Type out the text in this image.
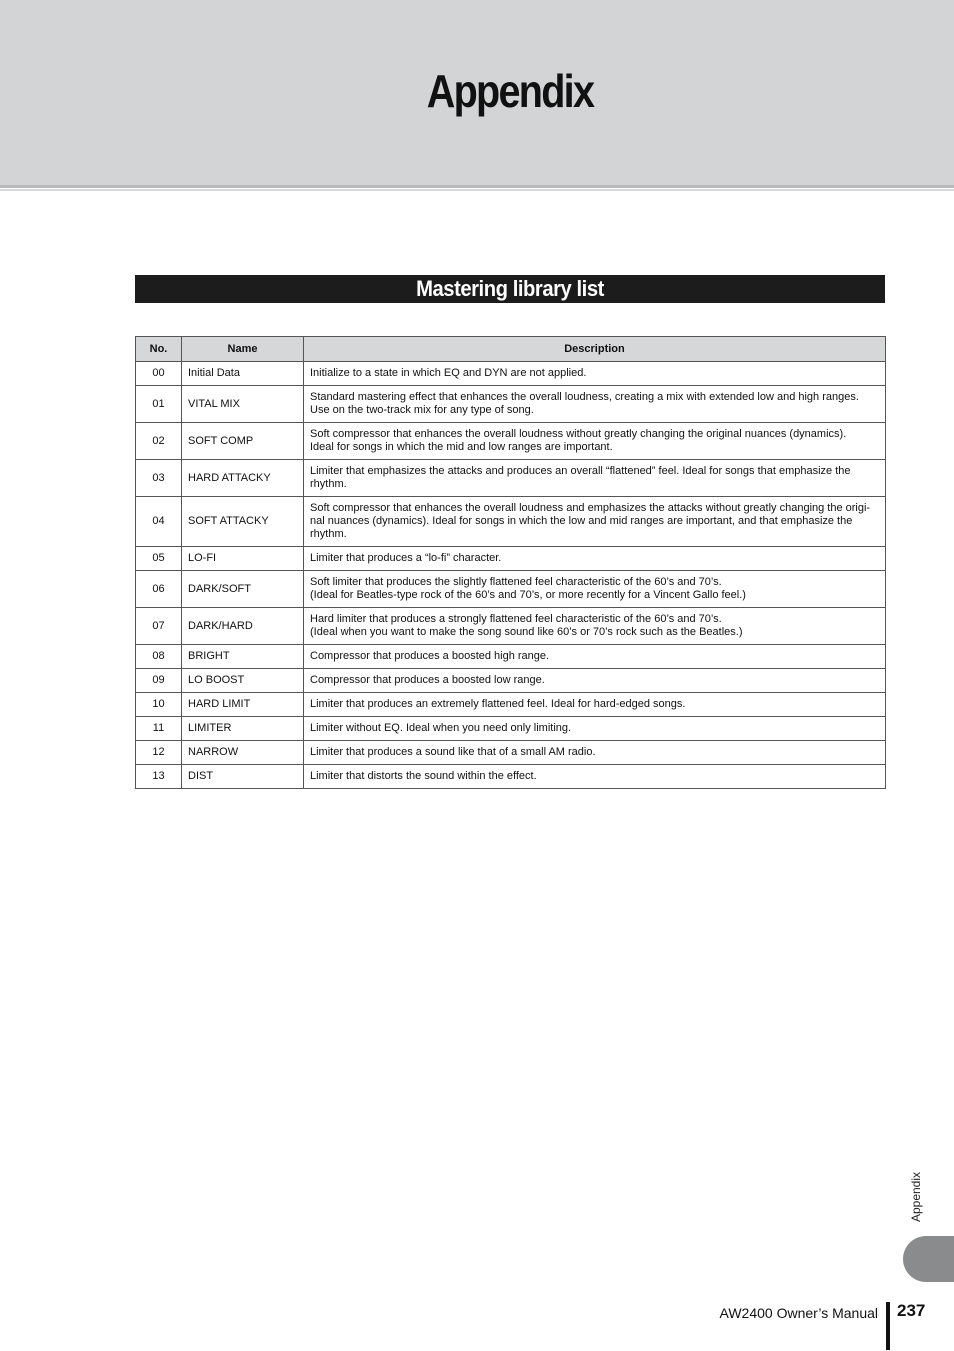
Appendix
Mastering library list
No.	Name	Description
00	Initial Data	Initialize to a state in which EQ and DYN are not applied.

01	VITAL MIX	Standard mastering effect that enhances the overall loudness, creating a mix with extended low and high ranges.
Use on the two-track mix for any type of song.

02	SOFT COMP	Soft compressor that enhances the overall loudness without greatly changing the original nuances (dynamics).
Ideal for songs in which the mid and low ranges are important.

03	HARD ATTACKY	Limiter that emphasizes the attacks and produces an overall “flattened” feel. Ideal for songs that emphasize the
rhythm.

04	SOFT ATTACKY	Soft compressor that enhances the overall loudness and emphasizes the attacks without greatly changing the origi-
nal nuances (dynamics). Ideal for songs in which the low and mid ranges are important, and that emphasize the
rhythm.

05	LO-FI	Limiter that produces a “lo-fi” character.

06	DARK/SOFT	Soft limiter that produces the slightly flattened feel characteristic of the 60’s and 70’s.
(Ideal for Beatles-type rock of the 60’s and 70’s, or more recently for a Vincent Gallo feel.)

07	DARK/HARD	Hard limiter that produces a strongly flattened feel characteristic of the 60’s and 70’s.
(Ideal when you want to make the song sound like 60’s or 70’s rock such as the Beatles.)

08	BRIGHT	Compressor that produces a boosted high range.

09	LO BOOST	Compressor that produces a boosted low range.

10	HARD LIMIT	Limiter that produces an extremely flattened feel. Ideal for hard-edged songs.

11	LIMITER	Limiter without EQ. Ideal when you need only limiting.

12	NARROW	Limiter that produces a sound like that of a small AM radio.

13	DIST	Limiter that distorts the sound within the effect.
Appendix
AW2400 Owner’s Manual 237
